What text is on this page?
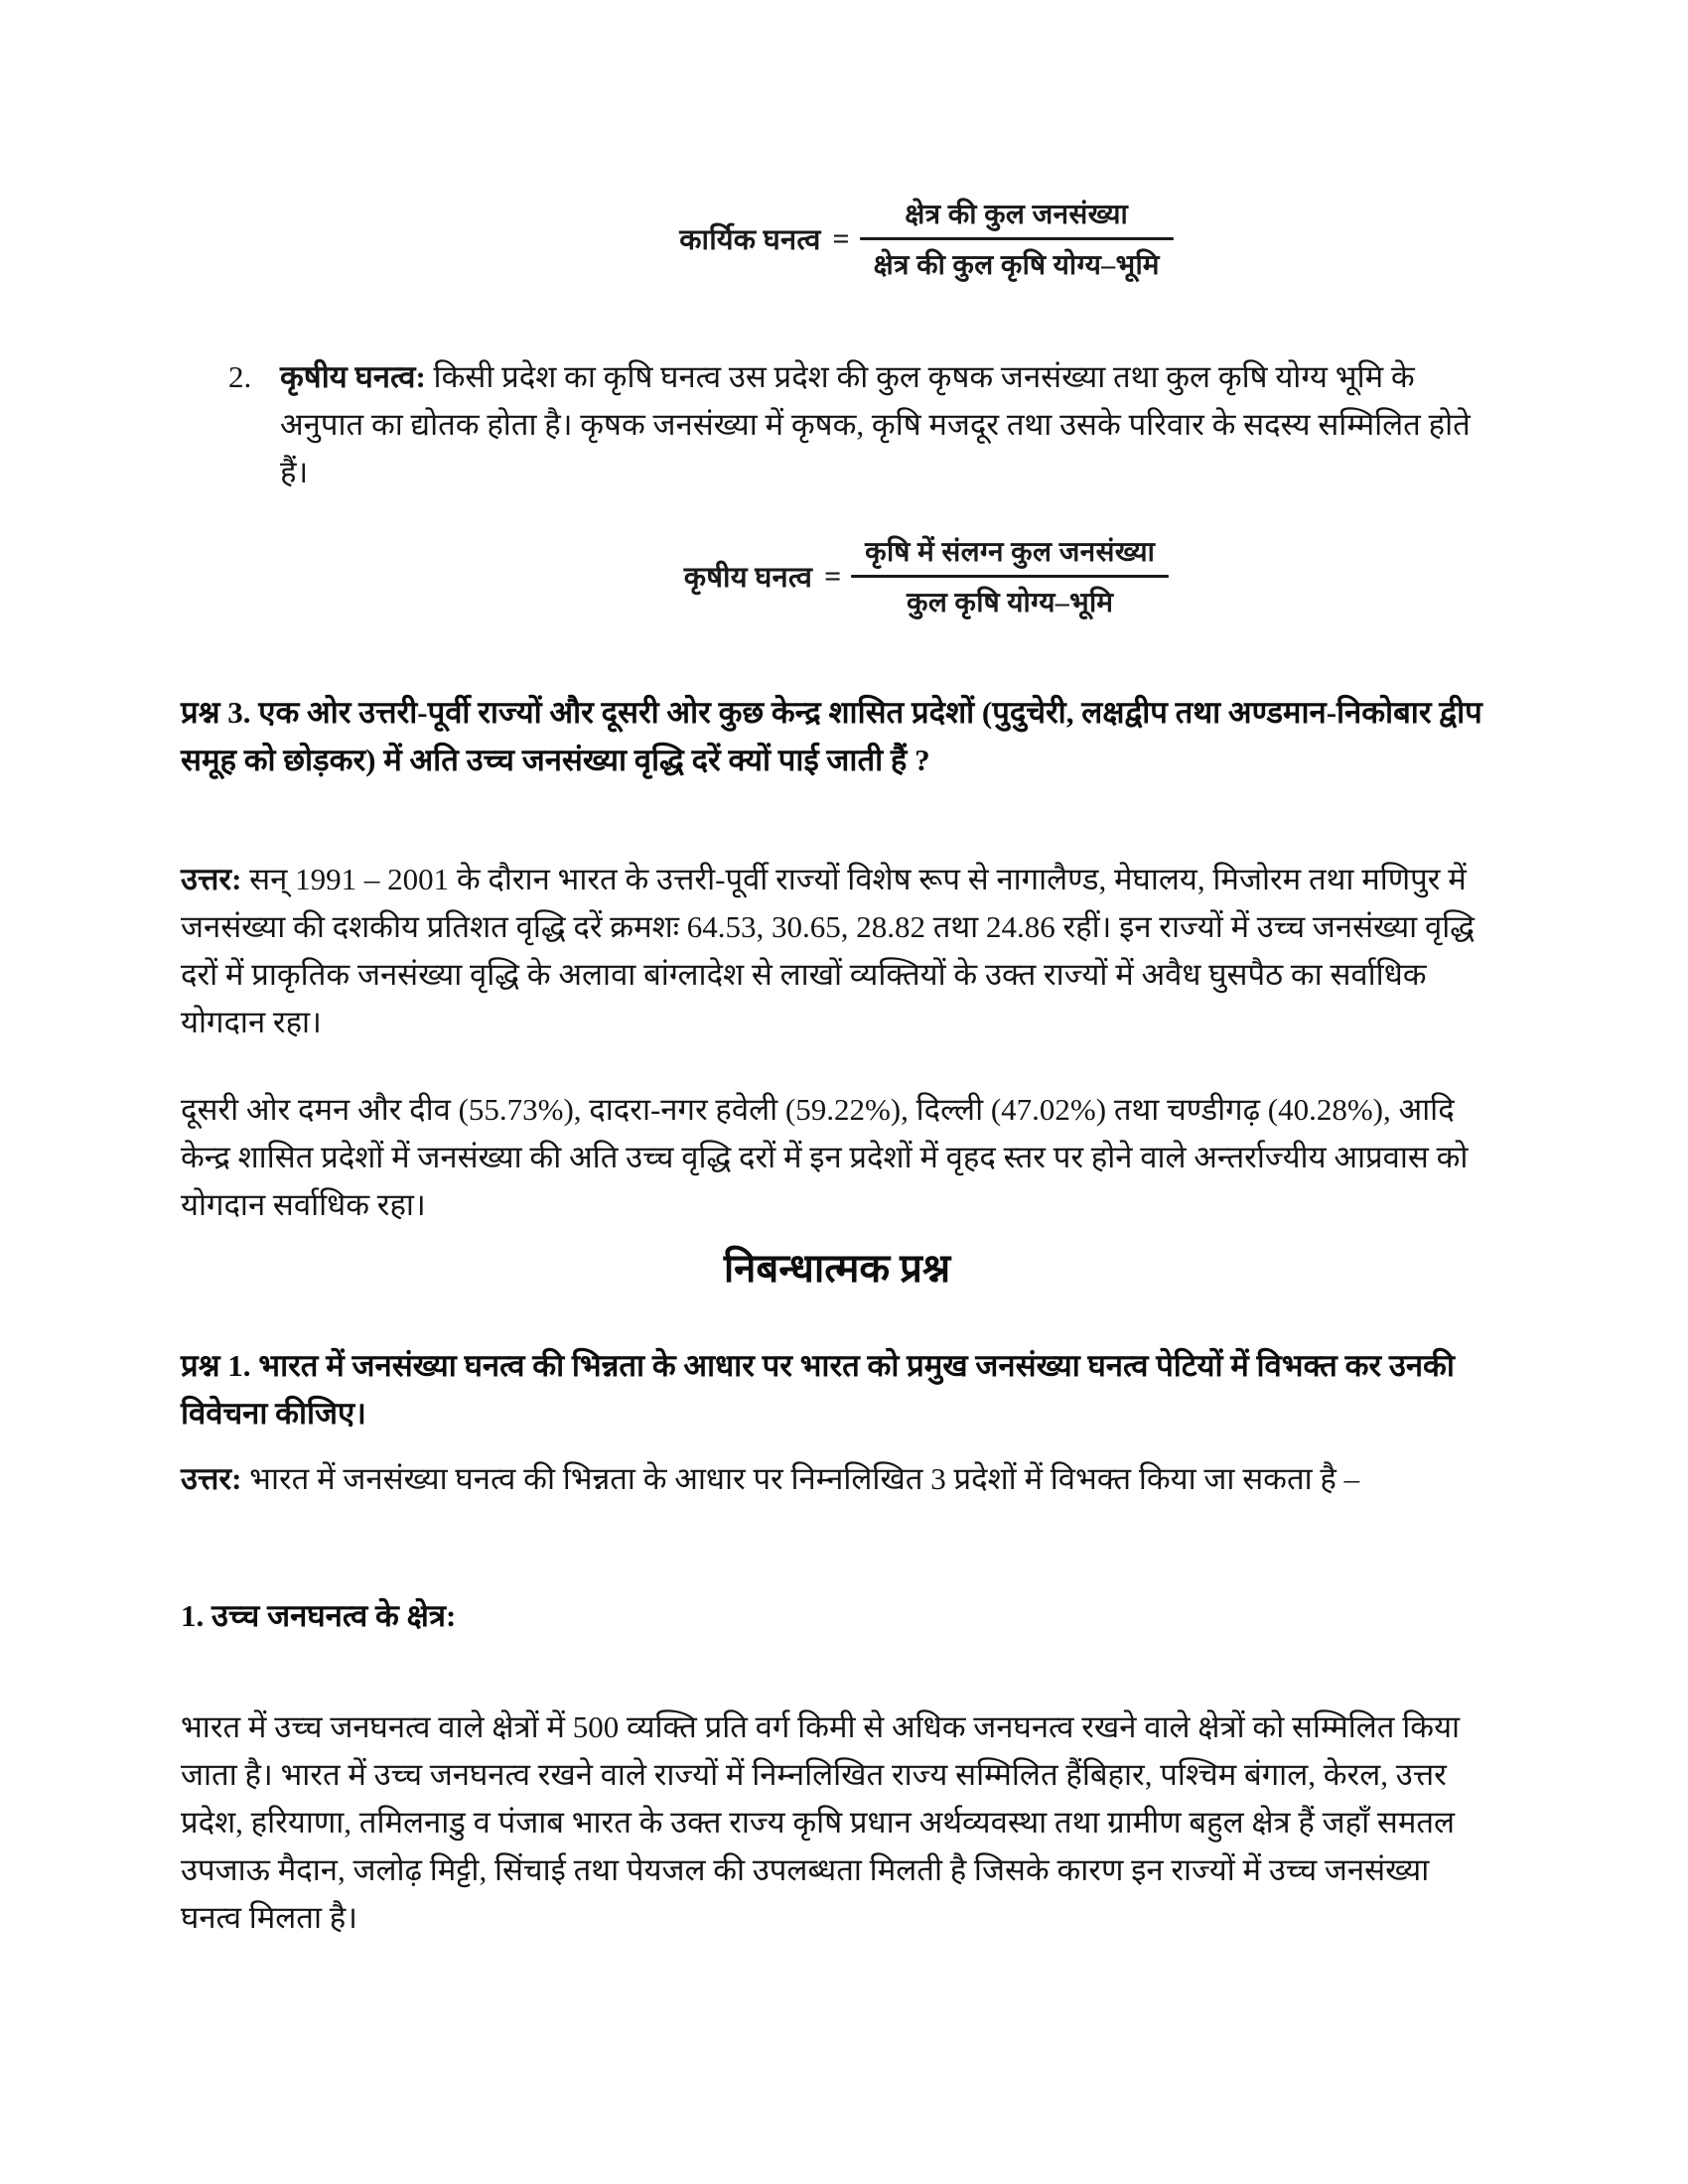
कार्यिक घनत्व = $\frac{\text{क्षेत्र की कुल जनसंख्या}}{\text{क्षेत्र की कुल कृषि योग्य–भूमि}}$
2. कृषीय घनत्व: किसी प्रदेश का कृषि घनत्व उस प्रदेश की कुल कृषक जनसंख्या तथा कुल कृषि योग्य भूमि के अनुपात का द्योतक होता है। कृषक जनसंख्या में कृषक, कृषि मजदूर तथा उसके परिवार के सदस्य सम्मिलित होते हैं।
कृषीय घनत्व = $\frac{\text{कृषि में संलग्न कुल जनसंख्या}}{\text{कुल कृषि योग्य–भूमि}}$
प्रश्न 3. एक ओर उत्तरी-पूर्वी राज्यों और दूसरी ओर कुछ केन्द्र शासित प्रदेशों (पुदुचेरी, लक्षद्वीप तथा अण्डमान-निकोबार द्वीप समूह को छोड़कर) में अति उच्च जनसंख्या वृद्धि दरें क्यों पाई जाती हैं ?
उत्तर: सन् 1991 – 2001 के दौरान भारत के उत्तरी-पूर्वी राज्यों विशेष रूप से नागालैण्ड, मेघालय, मिजोरम तथा मणिपुर में जनसंख्या की दशकीय प्रतिशत वृद्धि दरें क्रमशः 64.53, 30.65, 28.82 तथा 24.86 रहीं। इन राज्यों में उच्च जनसंख्या वृद्धि दरों में प्राकृतिक जनसंख्या वृद्धि के अलावा बांग्लादेश से लाखों व्यक्तियों के उक्त राज्यों में अवैध घुसपैठ का सर्वाधिक योगदान रहा।
दूसरी ओर दमन और दीव (55.73%), दादरा-नगर हवेली (59.22%), दिल्ली (47.02%) तथा चण्डीगढ़ (40.28%), आदि केन्द्र शासित प्रदेशों में जनसंख्या की अति उच्च वृद्धि दरों में इन प्रदेशों में वृहद स्तर पर होने वाले अन्तर्राज्यीय आप्रवास को योगदान सर्वाधिक रहा।
निबन्धात्मक प्रश्न
प्रश्न 1. भारत में जनसंख्या घनत्व की भिन्नता के आधार पर भारत को प्रमुख जनसंख्या घनत्व पेटियों में विभक्त कर उनकी विवेचना कीजिए।
उत्तर: भारत में जनसंख्या घनत्व की भिन्नता के आधार पर निम्नलिखित 3 प्रदेशों में विभक्त किया जा सकता है –
1. उच्च जनघनत्व के क्षेत्र:
भारत में उच्च जनघनत्व वाले क्षेत्रों में 500 व्यक्ति प्रति वर्ग किमी से अधिक जनघनत्व रखने वाले क्षेत्रों को सम्मिलित किया जाता है। भारत में उच्च जनघनत्व रखने वाले राज्यों में निम्नलिखित राज्य सम्मिलित हैंबिहार, पश्चिम बंगाल, केरल, उत्तर प्रदेश, हरियाणा, तमिलनाडु व पंजाब भारत के उक्त राज्य कृषि प्रधान अर्थव्यवस्था तथा ग्रामीण बहुल क्षेत्र हैं जहाँ समतल उपजाऊ मैदान, जलोढ़ मिट्टी, सिंचाई तथा पेयजल की उपलब्धता मिलती है जिसके कारण इन राज्यों में उच्च जनसंख्या घनत्व मिलता है।
